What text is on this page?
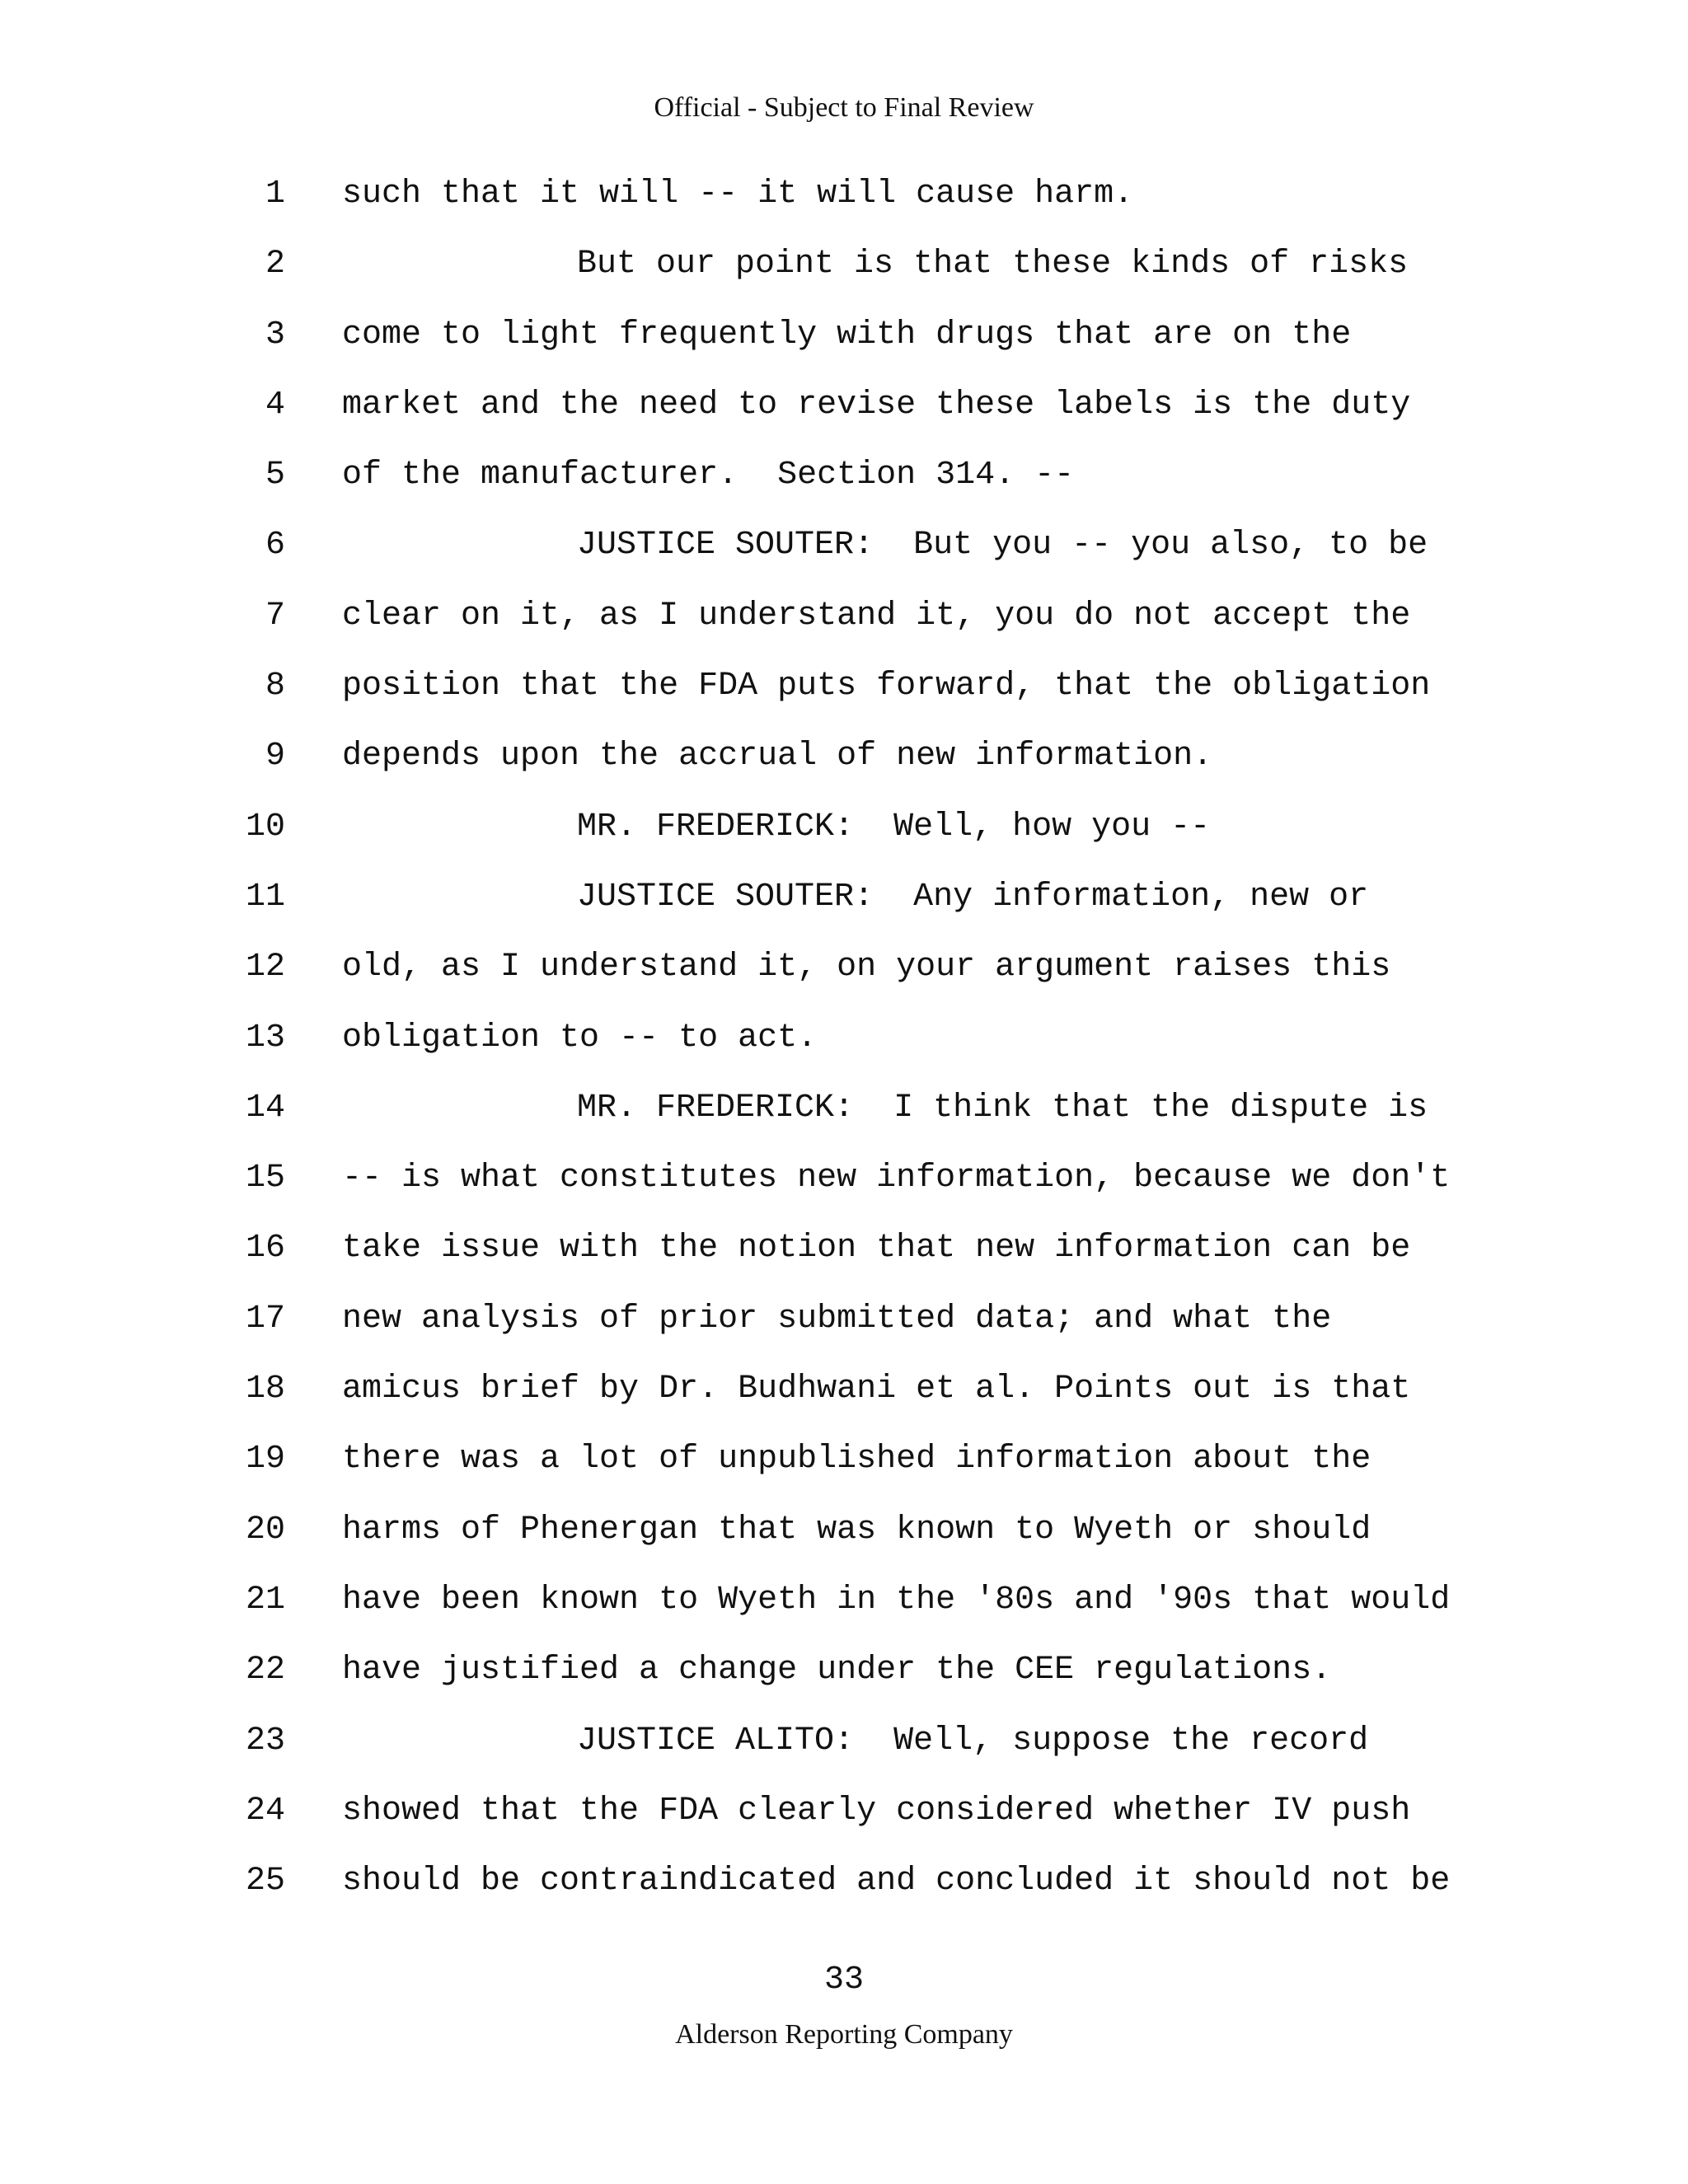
Official - Subject to Final Review
1 such that it will -- it will cause harm.
2	But our point is that these kinds of risks
3 come to light frequently with drugs that are on the
4 market and the need to revise these labels is the duty
5 of the manufacturer.  Section 314. --
6	JUSTICE SOUTER:  But you -- you also, to be
7 clear on it, as I understand it, you do not accept the
8 position that the FDA puts forward, that the obligation
9 depends upon the accrual of new information.
10	MR. FREDERICK:  Well, how you --
11	JUSTICE SOUTER:  Any information, new or
12 old, as I understand it, on your argument raises this
13 obligation to -- to act.
14	MR. FREDERICK:  I think that the dispute is
15 -- is what constitutes new information, because we don't
16 take issue with the notion that new information can be
17 new analysis of prior submitted data; and what the
18 amicus brief by Dr. Budhwani et al. Points out is that
19 there was a lot of unpublished information about the
20 harms of Phenergan that was known to Wyeth or should
21 have been known to Wyeth in the '80s and '90s that would
22 have justified a change under the CEE regulations.
23	JUSTICE ALITO:  Well, suppose the record
24 showed that the FDA clearly considered whether IV push
25 should be contraindicated and concluded it should not be
33
Alderson Reporting Company
